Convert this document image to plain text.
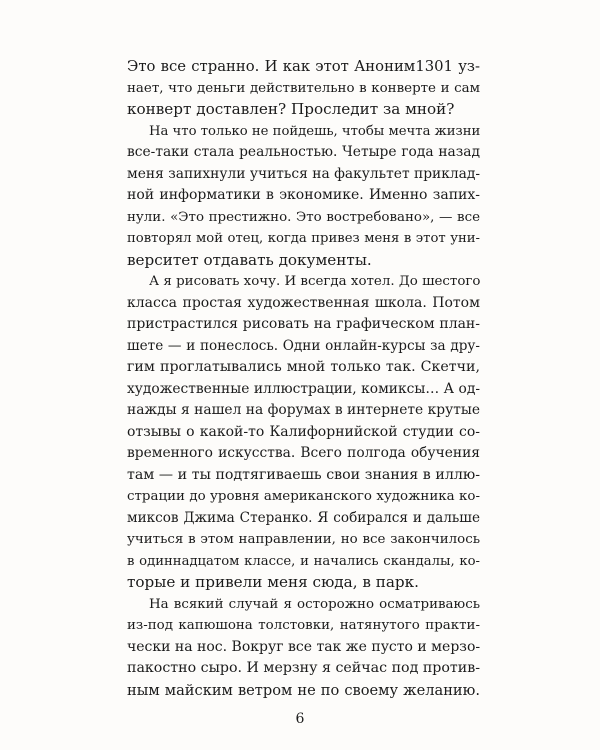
Это все странно. И как этот Аноним1301 уз-
нает, что деньги действительно в конверте и сам
конверт доставлен? Проследит за мной?
На что только не пойдешь, чтобы мечта жизни
все-таки стала реальностью. Четыре года назад
меня запихнули учиться на факультет приклад-
ной информатики в экономике. Именно запих-
нули. «Это престижно. Это востребовано», — все
повторял мой отец, когда привез меня в этот уни-
верситет отдавать документы.
А я рисовать хочу. И всегда хотел. До шестого
класса простая художественная школа. Потом
пристрастился рисовать на графическом план-
шете — и понеслось. Одни онлайн-курсы за дру-
гим проглатывались мной только так. Скетчи,
художественные иллюстрации, комиксы… А од-
нажды я нашел на форумах в интернете крутые
отзывы о какой-то Калифорнийской студии со-
временного искусства. Всего полгода обучения
там — и ты подтягиваешь свои знания в иллю-
страции до уровня американского художника ко-
миксов Джима Стеранко. Я собирался и дальше
учиться в этом направлении, но все закончилось
в одиннадцатом классе, и начались скандалы, ко-
торые и привели меня сюда, в парк.
На всякий случай я осторожно осматриваюсь
из-под капюшона толстовки, натянутого практи-
чески на нос. Вокруг все так же пусто и мерзо-
пакостно сыро. И мерзну я сейчас под против-
ным майским ветром не по своему желанию.
6
